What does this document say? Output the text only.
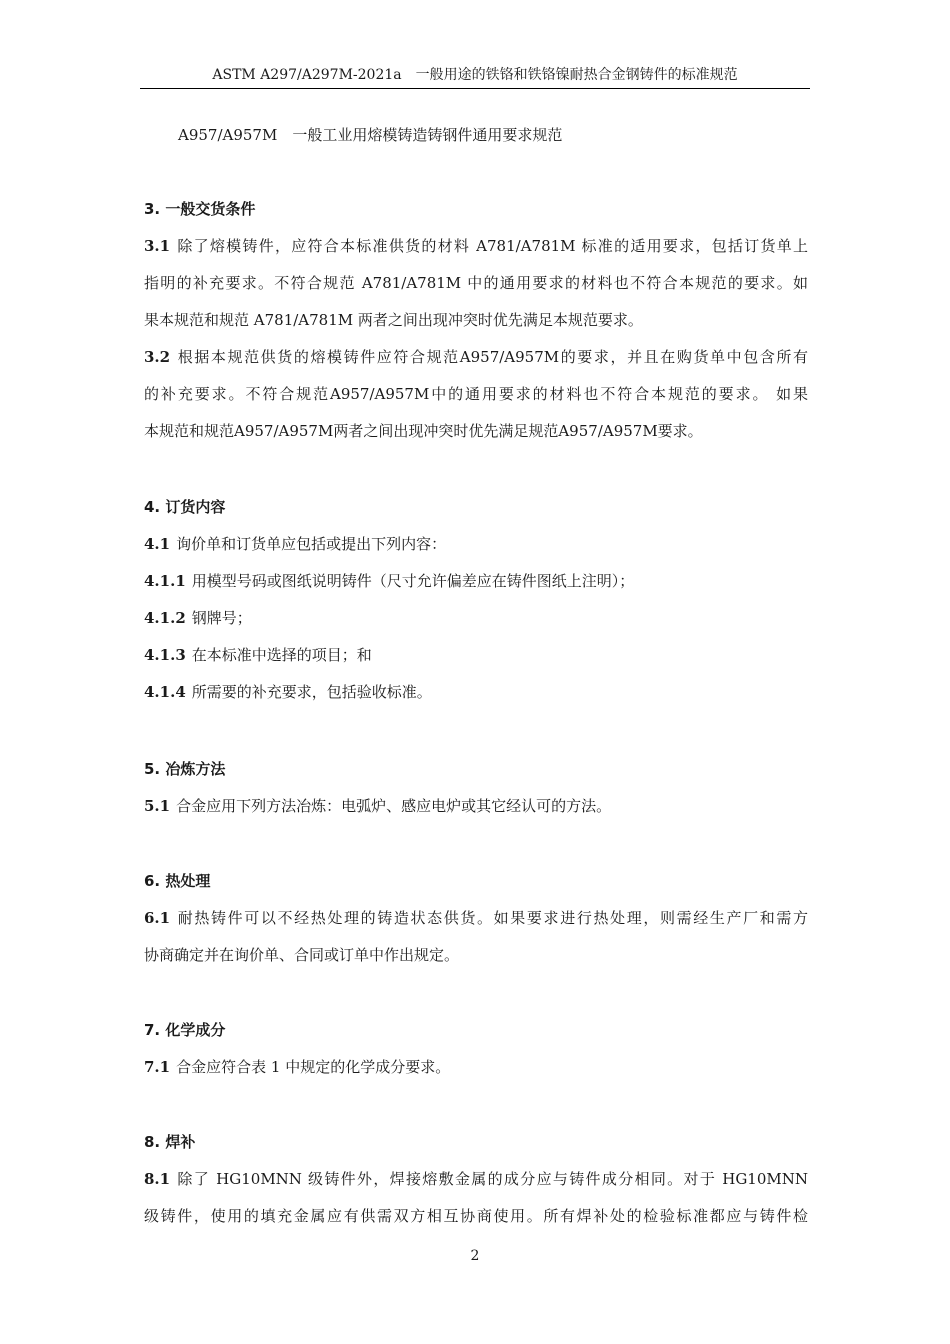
ASTM A297/A297M-2021a　一般用途的铁铬和铁铬镍耐热合金钢铸件的标准规范
A957/A957M  一般工业用熔模铸造铸钢件通用要求规范
3. 一般交货条件
3.1 除了熔模铸件，应符合本标准供货的材料 A781/A781M 标准的适用要求，包括订货单上
指明的补充要求。不符合规范 A781/A781M 中的通用要求的材料也不符合本规范的要求。如
果本规范和规范 A781/A781M 两者之间出现冲突时优先满足本规范要求。
3.2 根据本规范供货的熔模铸件应符合规范A957/A957M的要求，并且在购货单中包含所有
的补充要求。不符合规范A957/A957M中的通用要求的材料也不符合本规范的要求。 如果
本规范和规范A957/A957M两者之间出现冲突时优先满足规范A957/A957M要求。
4. 订货内容
4.1 询价单和订货单应包括或提出下列内容：
4.1.1 用模型号码或图纸说明铸件（尺寸允许偏差应在铸件图纸上注明）；
4.1.2 钢牌号；
4.1.3 在本标准中选择的项目；和
4.1.4 所需要的补充要求，包括验收标准。
5. 冶炼方法
5.1 合金应用下列方法冶炼：电弧炉、感应电炉或其它经认可的方法。
6. 热处理
6.1 耐热铸件可以不经热处理的铸造状态供货。如果要求进行热处理，则需经生产厂和需方
协商确定并在询价单、合同或订单中作出规定。
7. 化学成分
7.1 合金应符合表 1 中规定的化学成分要求。
8. 焊补
8.1 除了 HG10MNN 级铸件外，焊接熔敷金属的成分应与铸件成分相同。对于 HG10MNN
级铸件，使用的填充金属应有供需双方相互协商使用。所有焊补处的检验标准都应与铸件检
2
